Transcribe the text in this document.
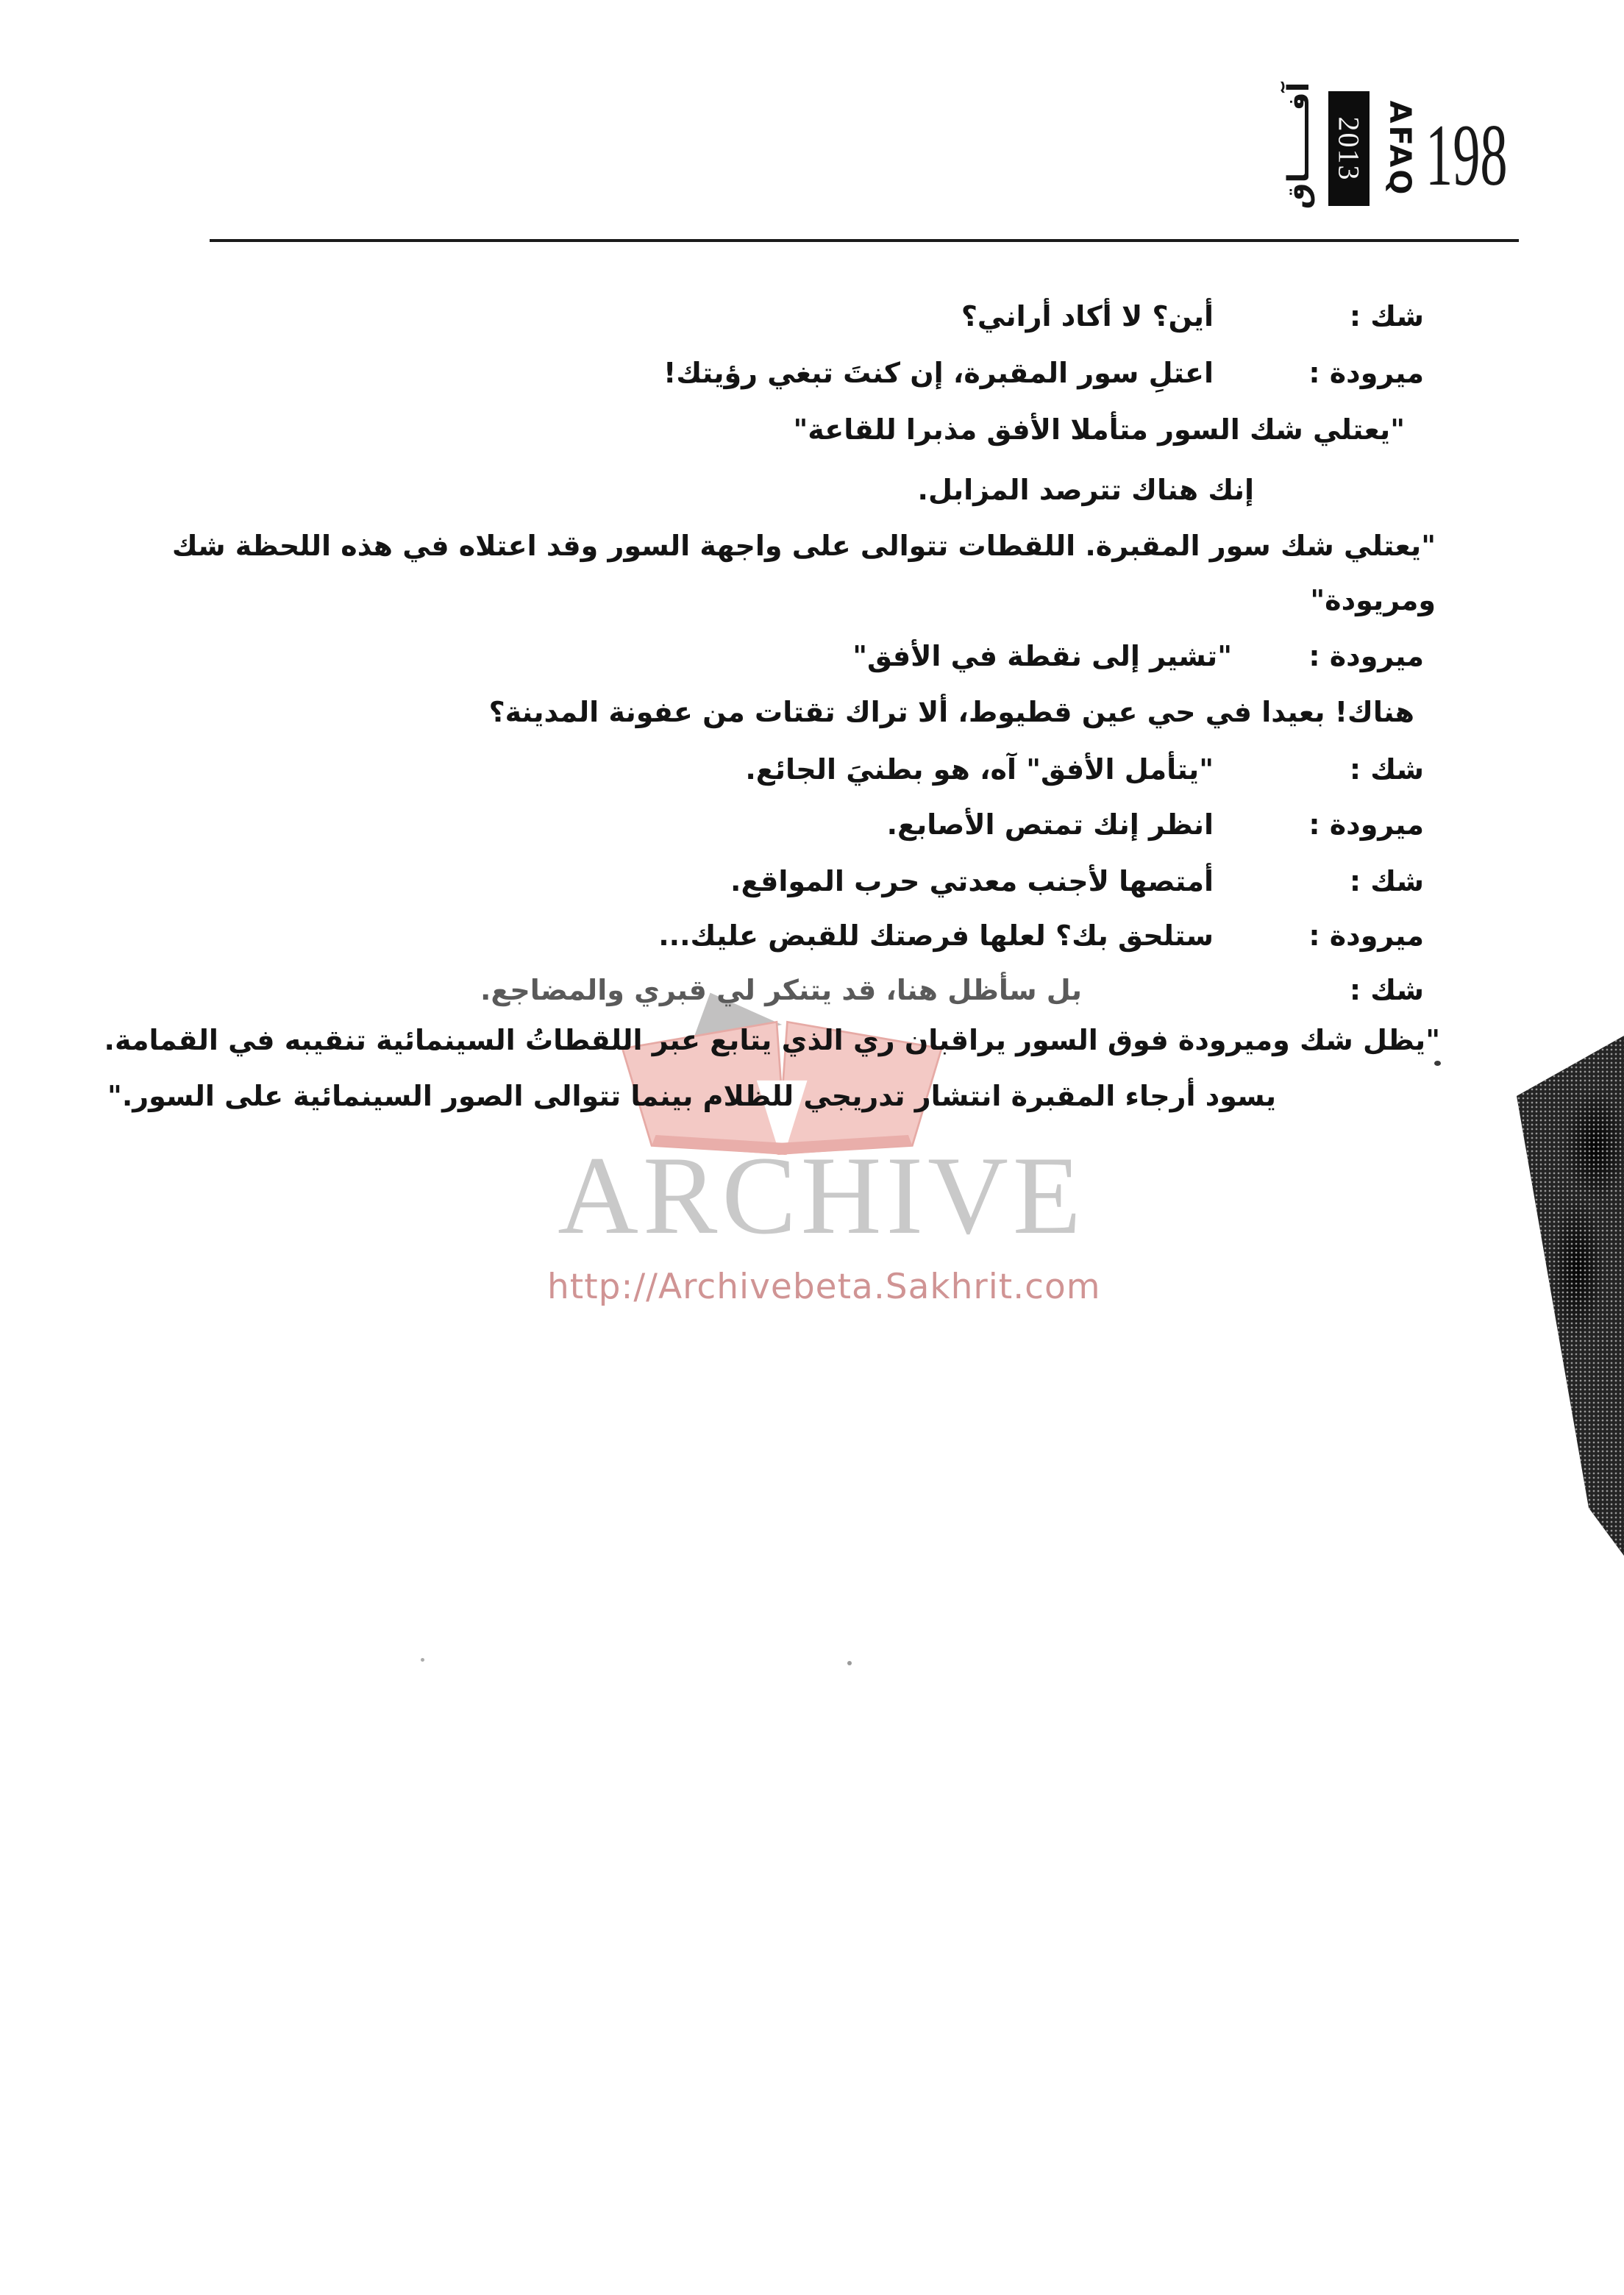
آفــــــاق 2013 AFAQ 198
ARCHIVE
http://Archivebeta.Sakhrit.com
شك :
أين؟ لا أكاد أراني؟
ميرودة :
اعتلِ سور المقبرة، إن كنتَ تبغي رؤيتك!
"يعتلي شك السور متأملا الأفق مذبرا للقاعة"
إنك هناك تترصد المزابل.
"يعتلي شك سور المقبرة. اللقطات تتوالى على واجهة السور وقد اعتلاه في هذه اللحظة شك
ومريودة"
ميرودة :
"تشير إلى نقطة في الأفق"
هناك! بعيدا في حي عين قطيوط، ألا تراك تقتات من عفونة المدينة؟
شك :
"يتأمل الأفق" آه، هو بطنيَ الجائع.
ميرودة :
انظر إنك تمتص الأصابع.
شك :
أمتصها لأجنب معدتي حرب المواقع.
ميرودة :
ستلحق بك؟ لعلها فرصتك للقبض عليك...
شك :
بل سأظل هنا، قد يتنكر لي قبري والمضاجع.
"يظل شك وميرودة فوق السور يراقبان ري الذي يتابع عبر اللقطاتُ السينمائية تنقيبه في القمامة.
يسود أرجاء المقبرة انتشار تدريجي للظلام بينما تتوالى الصور السينمائية على السور."
